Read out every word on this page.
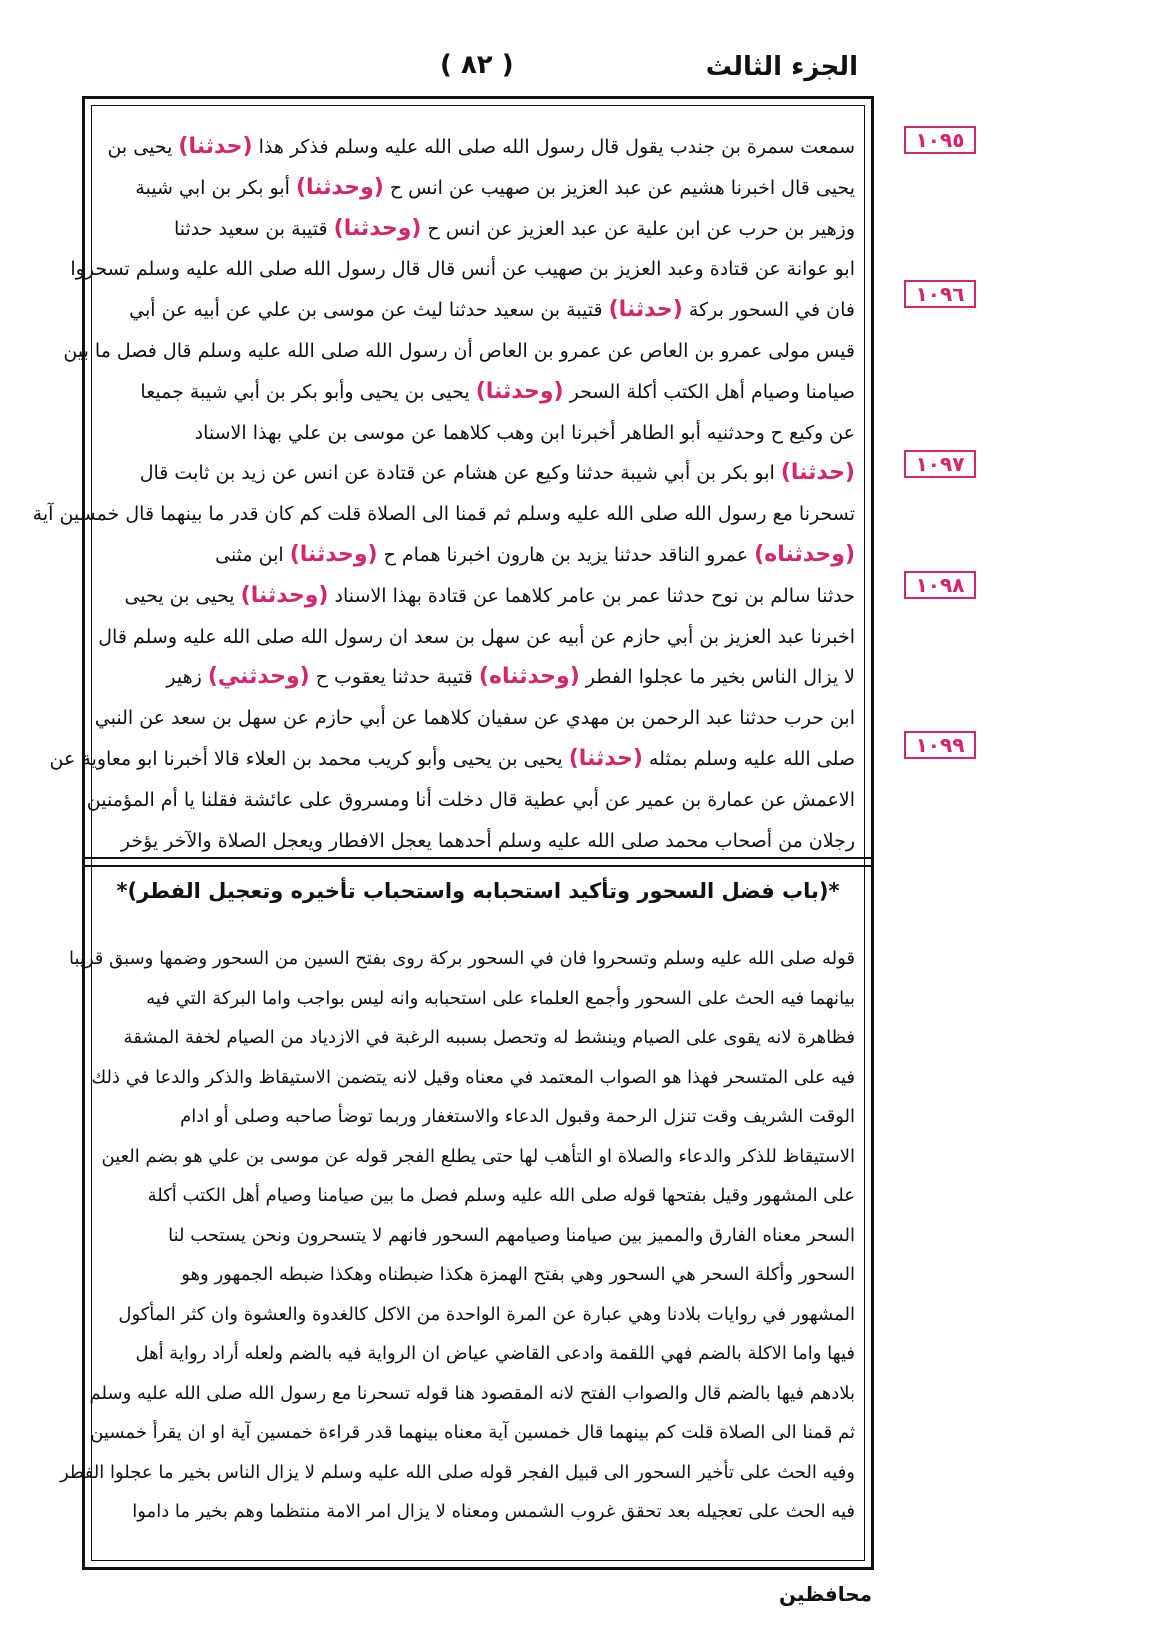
الجزء الثالث
( ٨٢ )
سمعت سمرة بن جندب يقول قال رسول الله صلى الله عليه وسلم فذكر هذا (حدثنا) يحيى بن
يحيى قال اخبرنا هشيم عن عبد العزيز بن صهيب عن انس ح (وحدثنا) أبو بكر بن ابي شيبة
وزهير بن حرب عن ابن علية عن عبد العزيز عن انس ح (وحدثنا) قتيبة بن سعيد حدثنا
ابو عوانة عن قتادة وعبد العزيز بن صهيب عن أنس قال قال رسول الله صلى الله عليه وسلم تسحروا
فان في السحور بركة (حدثنا) قتيبة بن سعيد حدثنا ليث عن موسى بن علي عن أبيه عن أبي
قيس مولى عمرو بن العاص عن عمرو بن العاص أن رسول الله صلى الله عليه وسلم قال فصل ما بين
صيامنا وصيام أهل الكتب أكلة السحر (وحدثنا) يحيى بن يحيى وأبو بكر بن أبي شيبة جميعا
عن وكيع ح وحدثنيه أبو الطاهر أخبرنا ابن وهب كلاهما عن موسى بن علي بهذا الاسناد
(حدثنا) ابو بكر بن أبي شيبة حدثنا وكيع عن هشام عن قتادة عن انس عن زيد بن ثابت قال
تسحرنا مع رسول الله صلى الله عليه وسلم ثم قمنا الى الصلاة قلت كم كان قدر ما بينهما قال خمسين آية
(وحدثناه) عمرو الناقد حدثنا يزيد بن هارون اخبرنا همام ح (وحدثنا) ابن مثنى
حدثنا سالم بن نوح حدثنا عمر بن عامر كلاهما عن قتادة بهذا الاسناد (وحدثنا) يحيى بن يحيى
اخبرنا عبد العزيز بن أبي حازم عن أبيه عن سهل بن سعد ان رسول الله صلى الله عليه وسلم قال
لا يزال الناس بخير ما عجلوا الفطر (وحدثناه) قتيبة حدثنا يعقوب ح (وحدثني) زهير
ابن حرب حدثنا عبد الرحمن بن مهدي عن سفيان كلاهما عن أبي حازم عن سهل بن سعد عن النبي
صلى الله عليه وسلم بمثله (حدثنا) يحيى بن يحيى وأبو كريب محمد بن العلاء قالا أخبرنا ابو معاوية عن
الاعمش عن عمارة بن عمير عن أبي عطية قال دخلت أنا ومسروق على عائشة فقلنا يا أم المؤمنين
رجلان من أصحاب محمد صلى الله عليه وسلم أحدهما يعجل الافطار ويعجل الصلاة والآخر يؤخر
*(باب فضل السحور وتأكيد استحبابه واستحباب تأخيره وتعجيل الفطر)*
قوله صلى الله عليه وسلم وتسحروا فان في السحور بركة روى بفتح السين من السحور وضمها وسبق قريبا
بيانهما فيه الحث على السحور وأجمع العلماء على استحبابه وانه ليس بواجب واما البركة التي فيه
فظاهرة لانه يقوى على الصيام وينشط له وتحصل بسببه الرغبة في الازدياد من الصيام لخفة المشقة
فيه على المتسحر فهذا هو الصواب المعتمد في معناه وقيل لانه يتضمن الاستيقاظ والذكر والدعا في ذلك
الوقت الشريف وقت تنزل الرحمة وقبول الدعاء والاستغفار وربما توضأ صاحبه وصلى أو ادام
الاستيقاظ للذكر والدعاء والصلاة او التأهب لها حتى يطلع الفجر قوله عن موسى بن علي هو بضم العين
على المشهور وقيل بفتحها قوله صلى الله عليه وسلم فصل ما بين صيامنا وصيام أهل الكتب أكلة
السحر معناه الفارق والمميز بين صيامنا وصيامهم السحور فانهم لا يتسحرون ونحن يستحب لنا
السحور وأكلة السحر هي السحور وهي بفتح الهمزة هكذا ضبطناه وهكذا ضبطه الجمهور وهو
المشهور في روايات بلادنا وهي عبارة عن المرة الواحدة من الاكل كالغدوة والعشوة وان كثر المأكول
فيها واما الاكلة بالضم فهي اللقمة وادعى القاضي عياض ان الرواية فيه بالضم ولعله أراد رواية أهل
بلادهم فيها بالضم قال والصواب الفتح لانه المقصود هنا قوله تسحرنا مع رسول الله صلى الله عليه وسلم
ثم قمنا الى الصلاة قلت كم بينهما قال خمسين آية معناه بينهما قدر قراءة خمسين آية او ان يقرأ خمسين
وفيه الحث على تأخير السحور الى قبيل الفجر قوله صلى الله عليه وسلم لا يزال الناس بخير ما عجلوا الفطر
فيه الحث على تعجيله بعد تحقق غروب الشمس ومعناه لا يزال امر الامة منتظما وهم بخير ما داموا
١٠٩٥
١٠٩٦
١٠٩٧
١٠٩٨
١٠٩٩
محافظين
